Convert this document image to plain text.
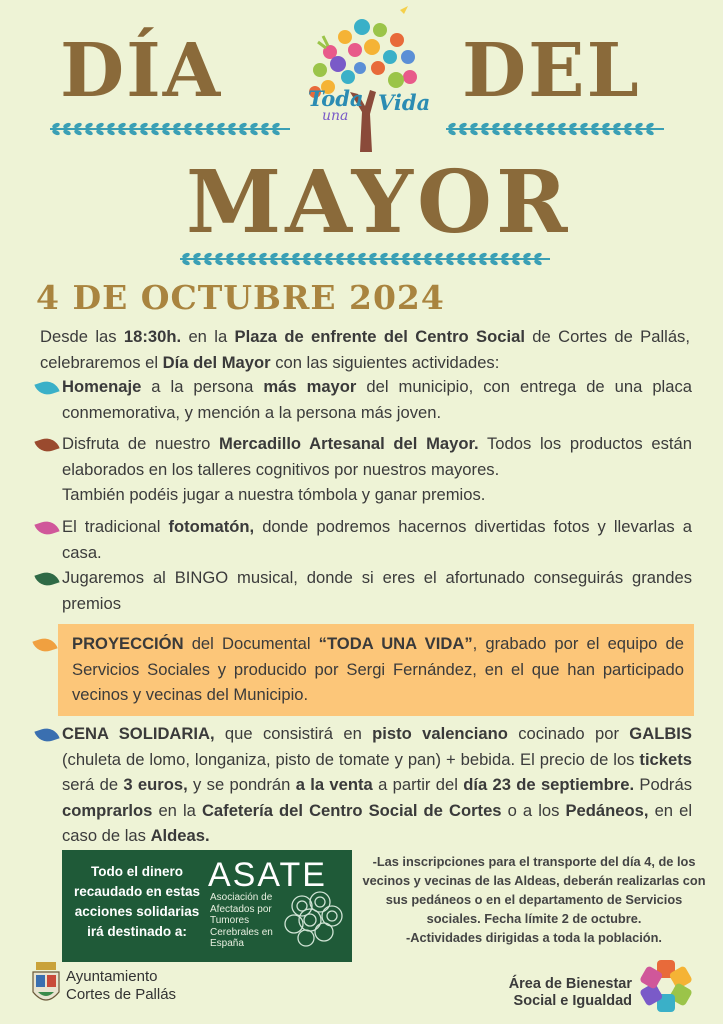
DÍA	DEL
MAYOR
Toda
una
Vida
4 DE OCTUBRE 2024
Desde las 18:30h. en la Plaza de enfrente del Centro Social de Cortes de Pallás, celebraremos el Día del Mayor con las siguientes actividades:
Homenaje a la persona más mayor del municipio, con entrega de una placa conmemorativa, y mención a la persona más joven.
Disfruta de nuestro Mercadillo Artesanal del Mayor. Todos los productos están elaborados en los talleres cognitivos por nuestros mayores.
También podéis jugar a nuestra tómbola y ganar premios.
El tradicional fotomatón, donde podremos hacernos divertidas fotos y llevarlas a casa.
Jugaremos al BINGO musical, donde si eres el afortunado conseguirás grandes premios
PROYECCIÓN del Documental “TODA UNA VIDA”, grabado por el equipo de Servicios Sociales y producido por Sergi Fernández, en el que han participado vecinos y vecinas del Municipio.
CENA SOLIDARIA, que consistirá en pisto valenciano cocinado por GALBIS (chuleta de lomo, longaniza, pisto de tomate y pan) + bebida. El precio de los tickets será de 3 euros, y se pondrán a la venta a partir del día 23 de septiembre. Podrás comprarlos en la Cafetería del Centro Social de Cortes o a los Pedáneos, en el caso de las Aldeas.
Todo el dinero recaudado en estas acciones solidarias irá destinado a:
ASATE
Asociación de Afectados por Tumores Cerebrales en España
-Las inscripciones para el transporte del día 4, de los vecinos y vecinas de las Aldeas, deberán realizarlas con sus pedáneos o en el departamento de Servicios sociales. Fecha límite 2 de octubre.
-Actividades dirigidas a toda la población.
Ayuntamiento
Cortes de Pallás
Área de Bienestar
Social e Igualdad
